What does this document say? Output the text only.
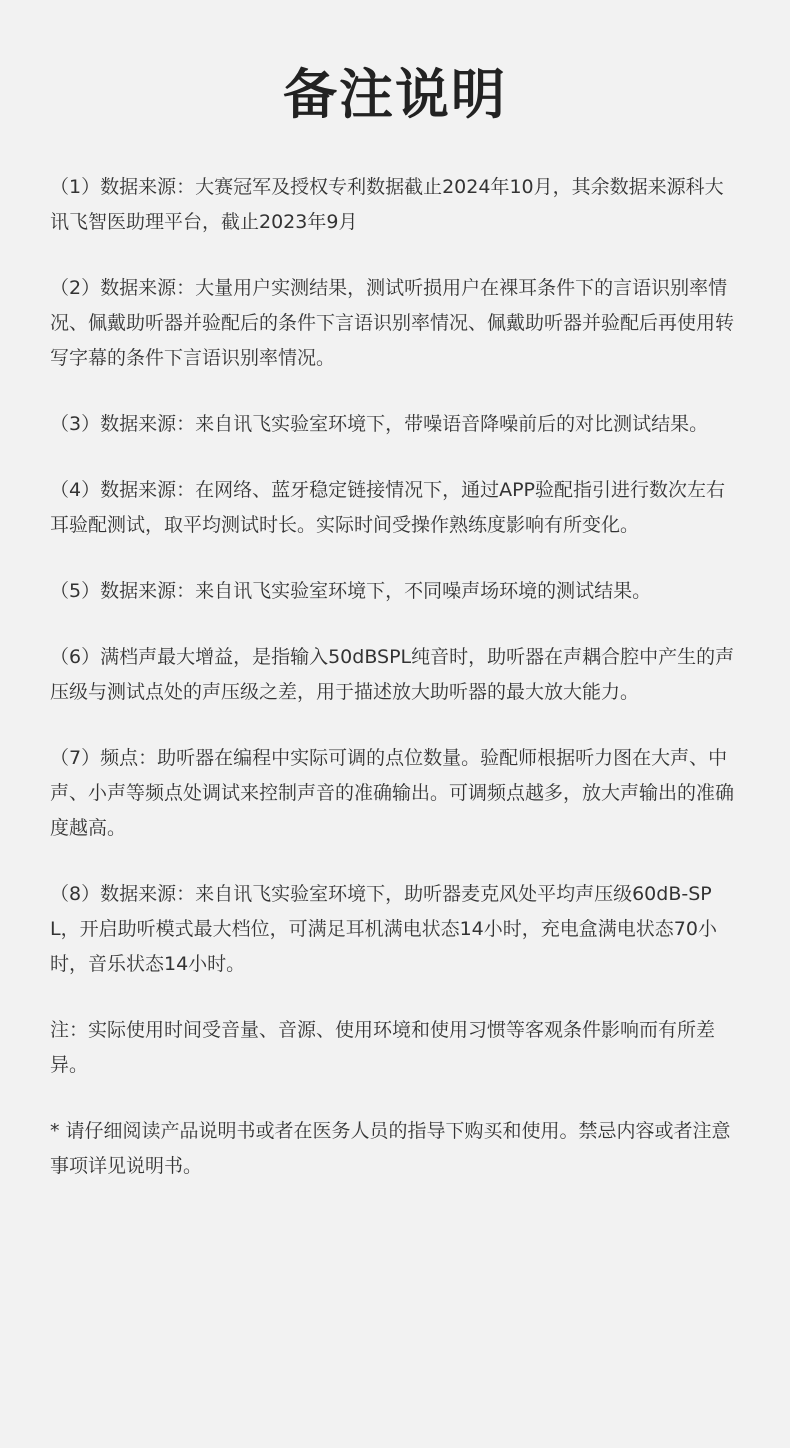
备注说明

（1）数据来源：大赛冠军及授权专利数据截止2024年10月，其余数据来源科大讯飞智医助理平台，截止2023年9月

（2）数据来源：大量用户实测结果，测试听损用户在裸耳条件下的言语识别率情况、佩戴助听器并验配后的条件下言语识别率情况、佩戴助听器并验配后再使用转写字幕的条件下言语识别率情况。

（3）数据来源：来自讯飞实验室环境下，带噪语音降噪前后的对比测试结果。

（4）数据来源：在网络、蓝牙稳定链接情况下，通过APP验配指引进行数次左右耳验配测试，取平均测试时长。实际时间受操作熟练度影响有所变化。

（5）数据来源：来自讯飞实验室环境下，不同噪声场环境的测试结果。

（6）满档声最大增益，是指输入50dBSPL纯音时，助听器在声耦合腔中产生的声压级与测试点处的声压级之差，用于描述放大助听器的最大放大能力。

（7）频点：助听器在编程中实际可调的点位数量。验配师根据听力图在大声、中声、小声等频点处调试来控制声音的准确输出。可调频点越多，放大声输出的准确度越高。

（8）数据来源：来自讯飞实验室环境下，助听器麦克风处平均声压级60dB-SPL，开启助听模式最大档位，可满足耳机满电状态14小时，充电盒满电状态70小时，音乐状态14小时。

注：实际使用时间受音量、音源、使用环境和使用习惯等客观条件影响而有所差异。

* 请仔细阅读产品说明书或者在医务人员的指导下购买和使用。禁忌内容或者注意事项详见说明书。
